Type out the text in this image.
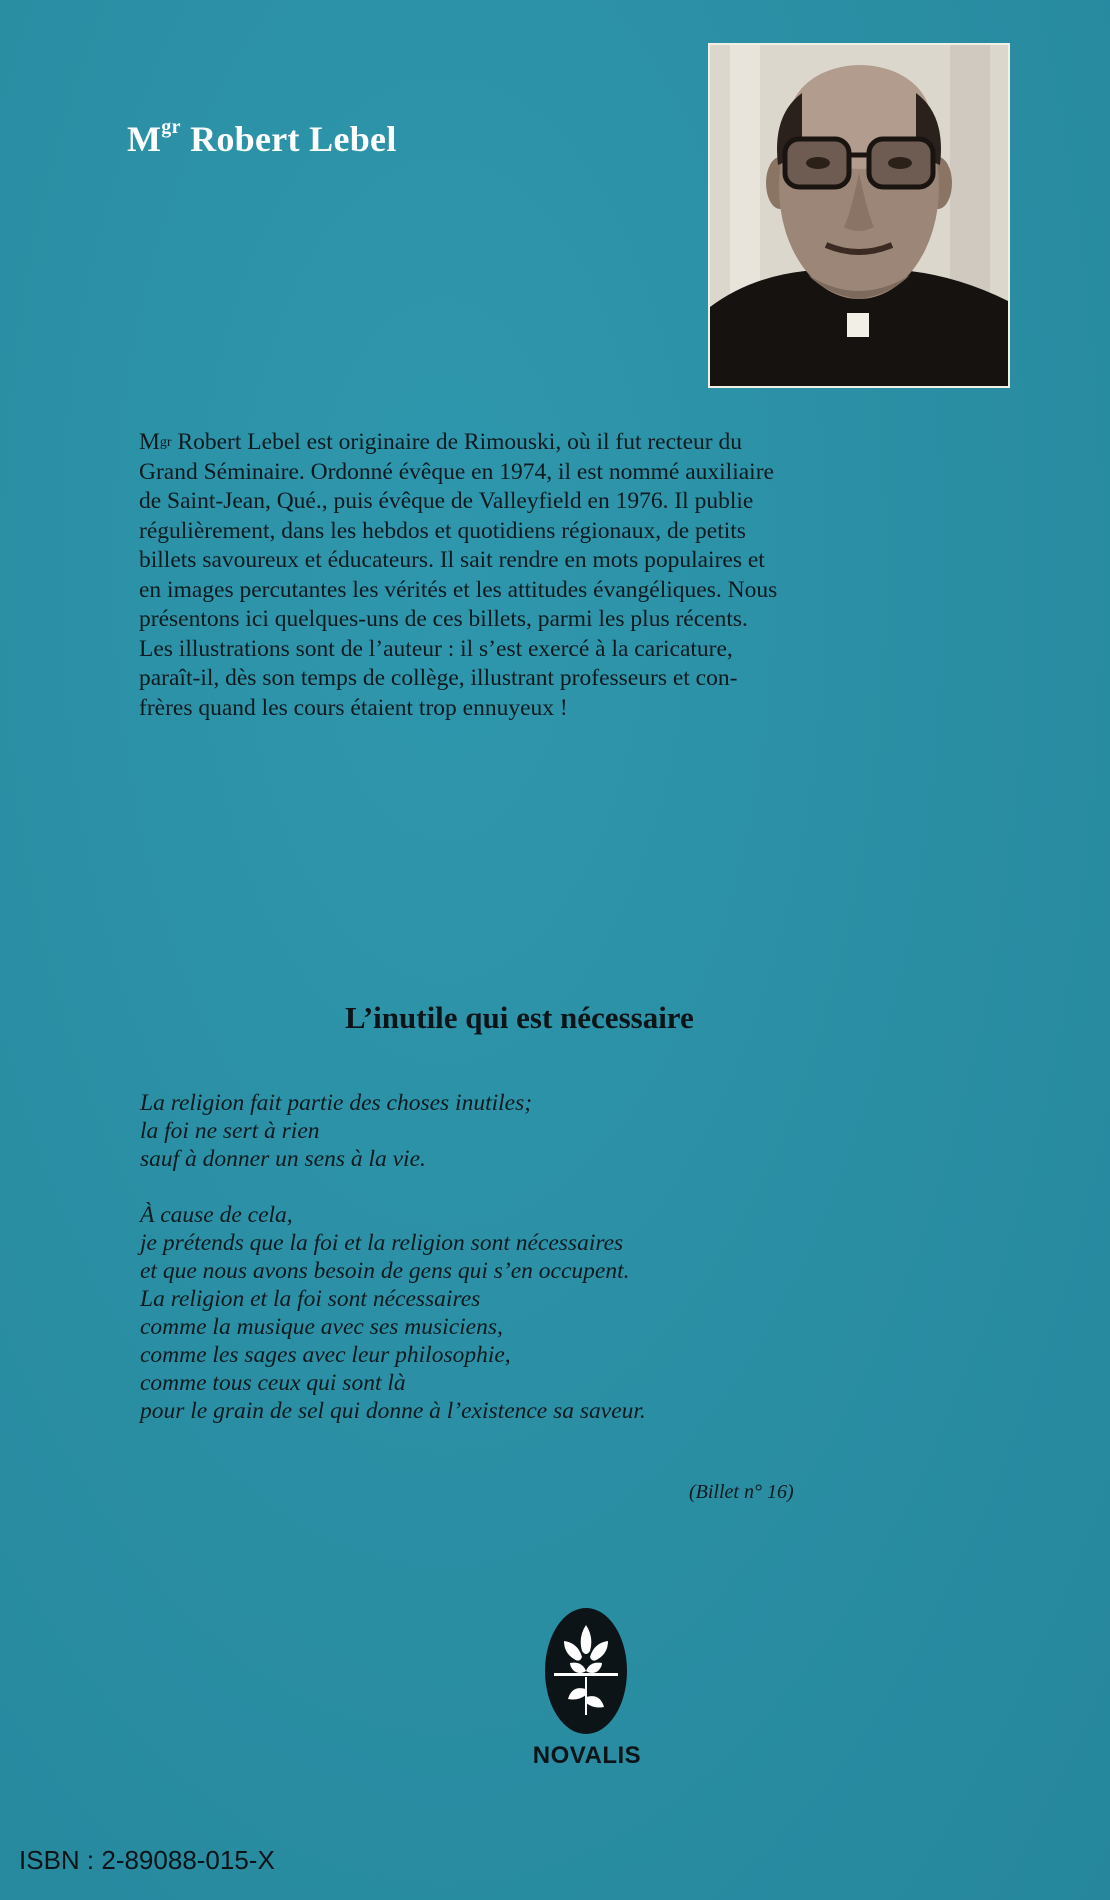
$M^{gr}$ Robert Lebel
$M^{gr}$ Robert Lebel est originaire de Rimouski, où il fut recteur du
Grand Séminaire. Ordonné évêque en 1974, il est nommé auxiliaire
de Saint-Jean, Qué., puis évêque de Valleyfield en 1976. Il publie
régulièrement, dans les hebdos et quotidiens régionaux, de petits
billets savoureux et éducateurs. Il sait rendre en mots populaires et
en images percutantes les vérités et les attitudes évangéliques. Nous
présentons ici quelques-uns de ces billets, parmi les plus récents.
Les illustrations sont de l’auteur : il s’est exercé à la caricature,
paraît-il, dès son temps de collège, illustrant professeurs et con-
frères quand les cours étaient trop ennuyeux !
L’inutile qui est nécessaire
La religion fait partie des choses inutiles;
la foi ne sert à rien
sauf à donner un sens à la vie.
À cause de cela,
je prétends que la foi et la religion sont nécessaires
et que nous avons besoin de gens qui s’en occupent.
La religion et la foi sont nécessaires
comme la musique avec ses musiciens,
comme les sages avec leur philosophie,
comme tous ceux qui sont là
pour le grain de sel qui donne à l’existence sa saveur.
(Billet n° 16)
NOVALIS
ISBN : 2-89088-015-X
